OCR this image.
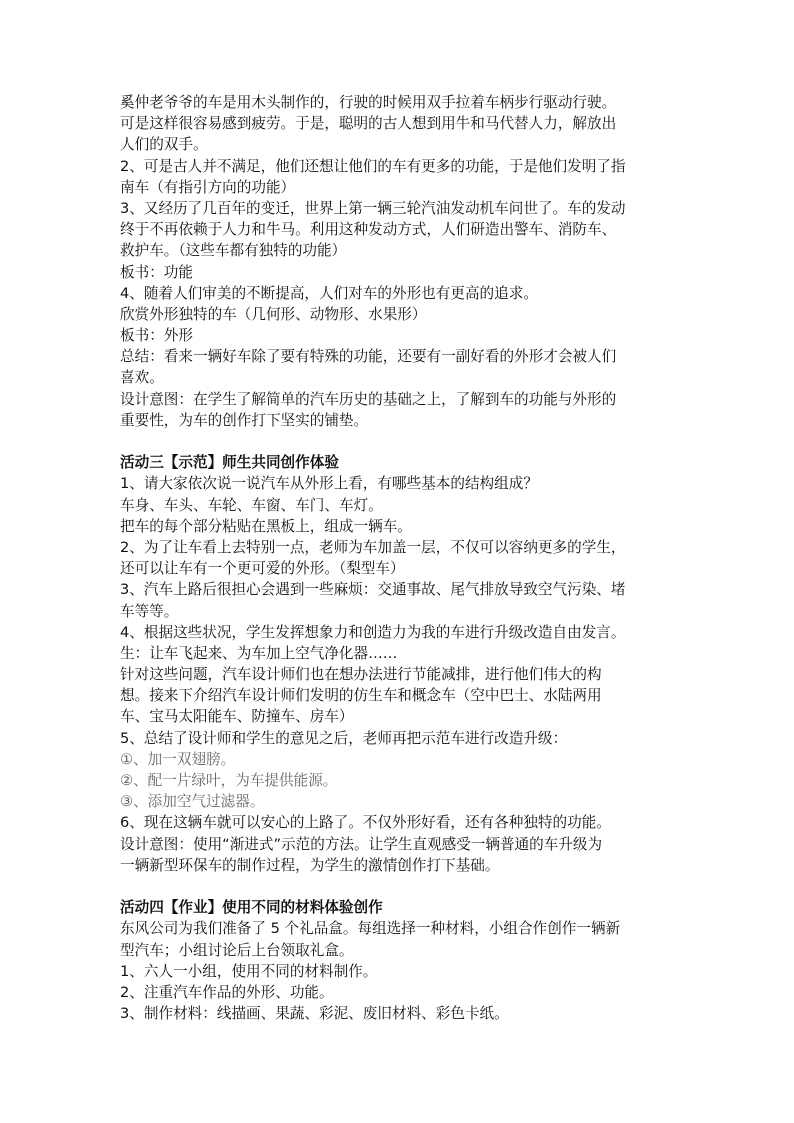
奚仲老爷爷的车是用木头制作的，行驶的时候用双手拉着车柄步行驱动行驶。
可是这样很容易感到疲劳。于是，聪明的古人想到用牛和马代替人力，解放出
人们的双手。
2、可是古人并不满足，他们还想让他们的车有更多的功能，于是他们发明了指
南车（有指引方向的功能）
3、又经历了几百年的变迁，世界上第一辆三轮汽油发动机车问世了。车的发动
终于不再依赖于人力和牛马。利用这种发动方式，人们研造出警车、消防车、
救护车。（这些车都有独特的功能）
板书：功能
4、随着人们审美的不断提高，人们对车的外形也有更高的追求。
欣赏外形独特的车（几何形、动物形、水果形）
板书：外形
总结：看来一辆好车除了要有特殊的功能，还要有一副好看的外形才会被人们
喜欢。
设计意图：在学生了解简单的汽车历史的基础之上，了解到车的功能与外形的
重要性，为车的创作打下坚实的铺垫。
活动三【示范】师生共同创作体验
1、请大家依次说一说汽车从外形上看，有哪些基本的结构组成？
车身、车头、车轮、车窗、车门、车灯。
把车的每个部分粘贴在黑板上，组成一辆车。
2、为了让车看上去特别一点，老师为车加盖一层，不仅可以容纳更多的学生，
还可以让车有一个更可爱的外形。（梨型车）
3、汽车上路后很担心会遇到一些麻烦：交通事故、尾气排放导致空气污染、堵
车等等。
4、根据这些状况，学生发挥想象力和创造力为我的车进行升级改造自由发言。
生：让车飞起来、为车加上空气净化器……
针对这些问题，汽车设计师们也在想办法进行节能减排，进行他们伟大的构
想。接来下介绍汽车设计师们发明的仿生车和概念车（空中巴士、水陆两用
车、宝马太阳能车、防撞车、房车）
5、总结了设计师和学生的意见之后，老师再把示范车进行改造升级：
①、加一双翅膀。
②、配一片绿叶，为车提供能源。
③、添加空气过滤器。
6、现在这辆车就可以安心的上路了。不仅外形好看，还有各种独特的功能。
设计意图：使用“渐进式”示范的方法。让学生直观感受一辆普通的车升级为
一辆新型环保车的制作过程，为学生的激情创作打下基础。
活动四【作业】使用不同的材料体验创作
东风公司为我们准备了 5 个礼品盒。每组选择一种材料，小组合作创作一辆新
型汽车；小组讨论后上台领取礼盒。
1、六人一小组，使用不同的材料制作。
2、注重汽车作品的外形、功能。
3、制作材料：线描画、果蔬、彩泥、废旧材料、彩色卡纸。
